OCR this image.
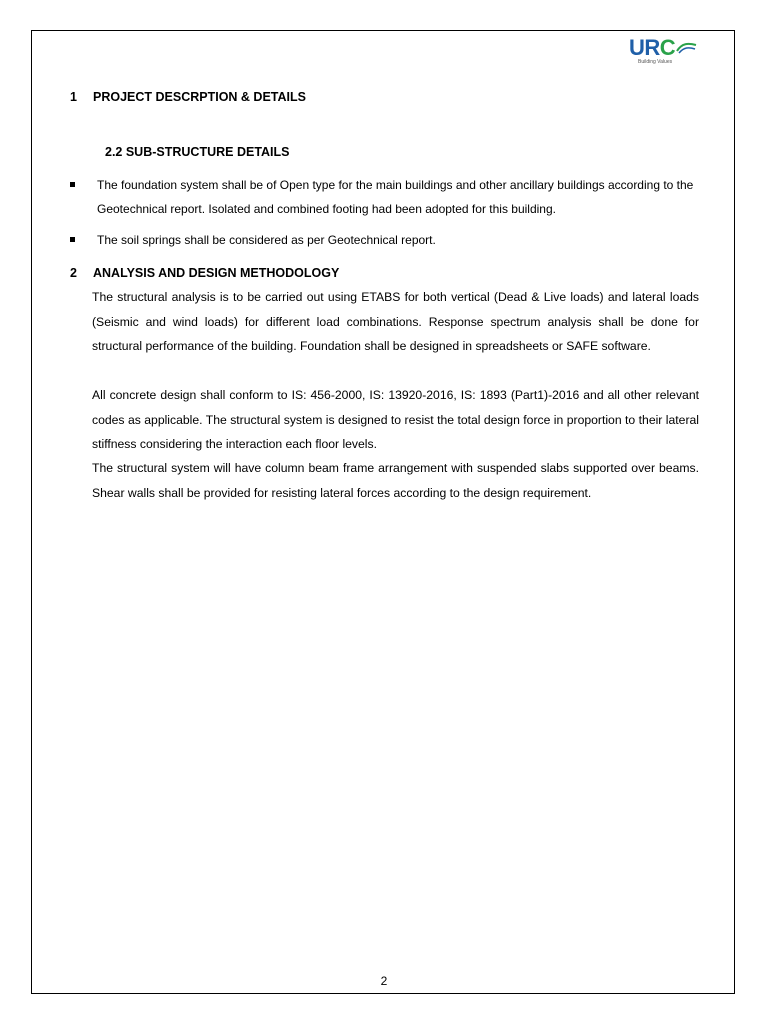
URC
Building Values
1 PROJECT DESCRPTION & DETAILS
2.2 SUB-STRUCTURE DETAILS
The foundation system shall be of Open type for the main buildings and other ancillary buildings according to the Geotechnical report. Isolated and combined footing had been adopted for this building.
The soil springs shall be considered as per Geotechnical report.
2 ANALYSIS AND DESIGN METHODOLOGY
The structural analysis is to be carried out using ETABS for both vertical (Dead & Live loads) and lateral loads (Seismic and wind loads) for different load combinations. Response spectrum analysis shall be done for structural performance of the building. Foundation shall be designed in spreadsheets or SAFE software.
All concrete design shall conform to IS: 456-2000, IS: 13920-2016, IS: 1893 (Part1)-2016 and all other relevant codes as applicable. The structural system is designed to resist the total design force in proportion to their lateral stiffness considering the interaction each floor levels.
The structural system will have column beam frame arrangement with suspended slabs supported over beams. Shear walls shall be provided for resisting lateral forces according to the design requirement.
2
